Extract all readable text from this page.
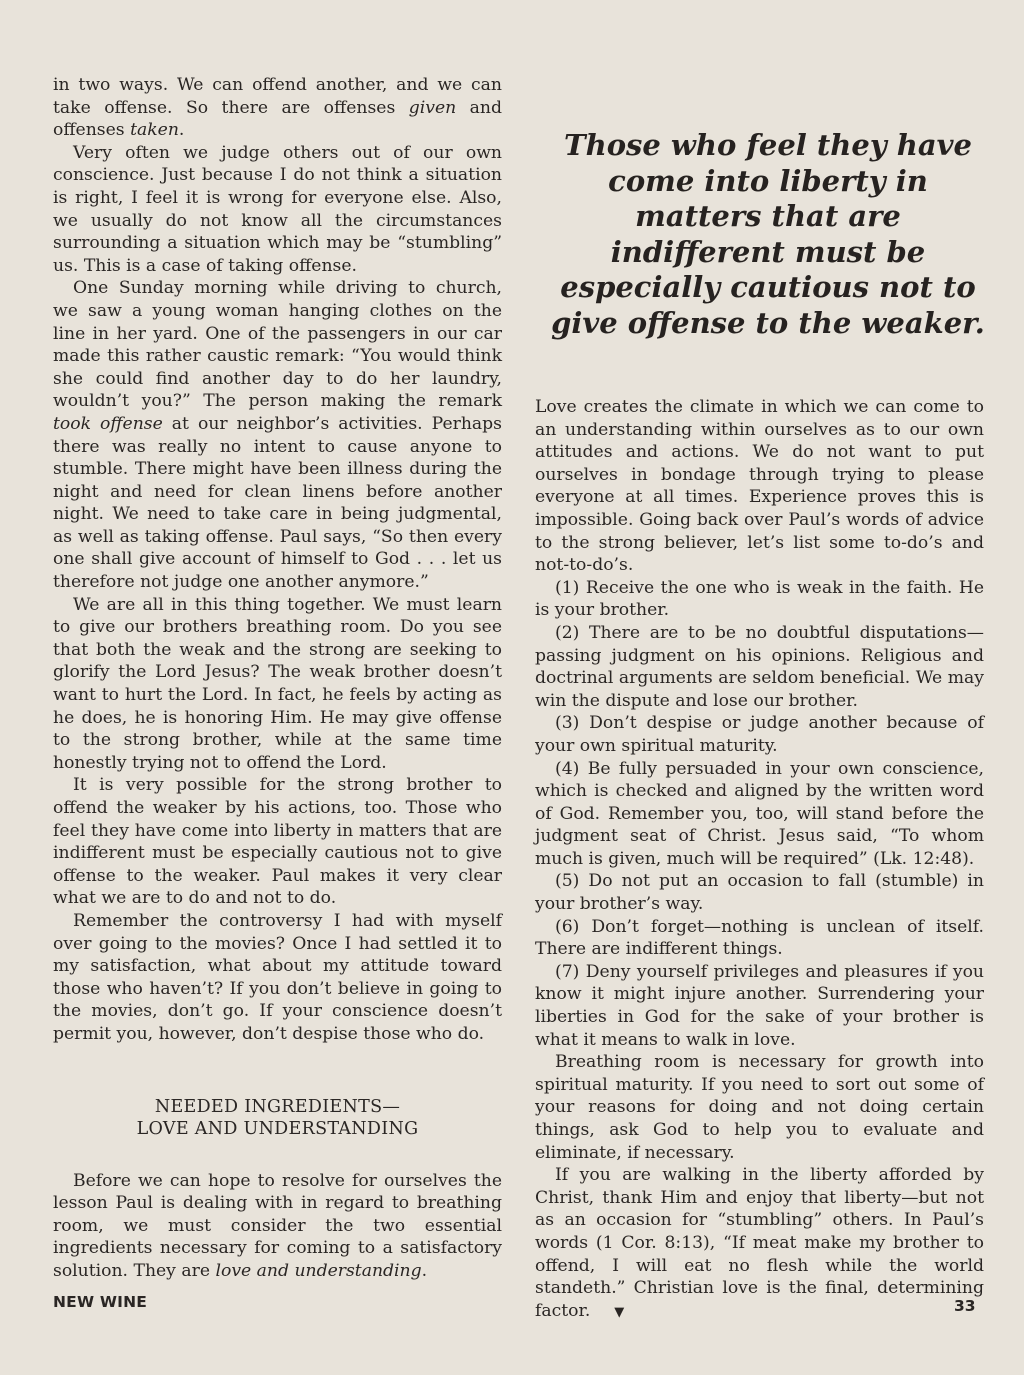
in two ways. We can offend another, and we can take offense. So there are offenses given and offenses taken.

Very often we judge others out of our own conscience. Just because I do not think a situation is right, I feel it is wrong for everyone else. Also, we usually do not know all the circumstances surrounding a situation which may be “stumbling” us. This is a case of taking offense.

One Sunday morning while driving to church, we saw a young woman hanging clothes on the line in her yard. One of the passengers in our car made this rather caustic remark: “You would think she could find another day to do her laundry, wouldn’t you?” The person making the remark took offense at our neighbor’s activities. Perhaps there was really no intent to cause anyone to stumble. There might have been illness during the night and need for clean linens before another night. We need to take care in being judgmental, as well as taking offense. Paul says, “So then every one shall give account of himself to God . . . let us therefore not judge one another anymore.”

We are all in this thing together. We must learn to give our brothers breathing room. Do you see that both the weak and the strong are seeking to glorify the Lord Jesus? The weak brother doesn’t want to hurt the Lord. In fact, he feels by acting as he does, he is honoring Him. He may give offense to the strong brother, while at the same time honestly trying not to offend the Lord.

It is very possible for the strong brother to offend the weaker by his actions, too. Those who feel they have come into liberty in matters that are indifferent must be especially cautious not to give offense to the weaker. Paul makes it very clear what we are to do and not to do.

Remember the controversy I had with myself over going to the movies? Once I had settled it to my satisfaction, what about my attitude toward those who haven’t? If you don’t believe in going to the movies, don’t go. If your conscience doesn’t permit you, however, don’t despise those who do.

NEEDED INGREDIENTS—
LOVE AND UNDERSTANDING

Before we can hope to resolve for ourselves the lesson Paul is dealing with in regard to breathing room, we must consider the two essential ingredients necessary for coming to a satisfactory solution. They are love and understanding.

Those who feel they have come into liberty in matters that are indifferent must be especially cautious not to give offense to the weaker.

Love creates the climate in which we can come to an understanding within ourselves as to our own attitudes and actions. We do not want to put ourselves in bondage through trying to please everyone at all times. Experience proves this is impossible. Going back over Paul’s words of advice to the strong believer, let’s list some to-do’s and not-to-do’s.

(1) Receive the one who is weak in the faith. He is your brother.

(2) There are to be no doubtful disputations—passing judgment on his opinions. Religious and doctrinal arguments are seldom beneficial. We may win the dispute and lose our brother.

(3) Don’t despise or judge another because of your own spiritual maturity.

(4) Be fully persuaded in your own conscience, which is checked and aligned by the written word of God. Remember you, too, will stand before the judgment seat of Christ. Jesus said, “To whom much is given, much will be required” (Lk. 12:48).

(5) Do not put an occasion to fall (stumble) in your brother’s way.

(6) Don’t forget—nothing is unclean of itself. There are indifferent things.

(7) Deny yourself privileges and pleasures if you know it might injure another. Surrendering your liberties in God for the sake of your brother is what it means to walk in love.

Breathing room is necessary for growth into spiritual maturity. If you need to sort out some of your reasons for doing and not doing certain things, ask God to help you to evaluate and eliminate, if necessary.

If you are walking in the liberty afforded by Christ, thank Him and enjoy that liberty—but not as an occasion for “stumbling” others. In Paul’s words (1 Cor. 8:13), “If meat make my brother to offend, I will eat no flesh while the world standeth.” Christian love is the final, determining factor. ▼

NEW WINE	33
